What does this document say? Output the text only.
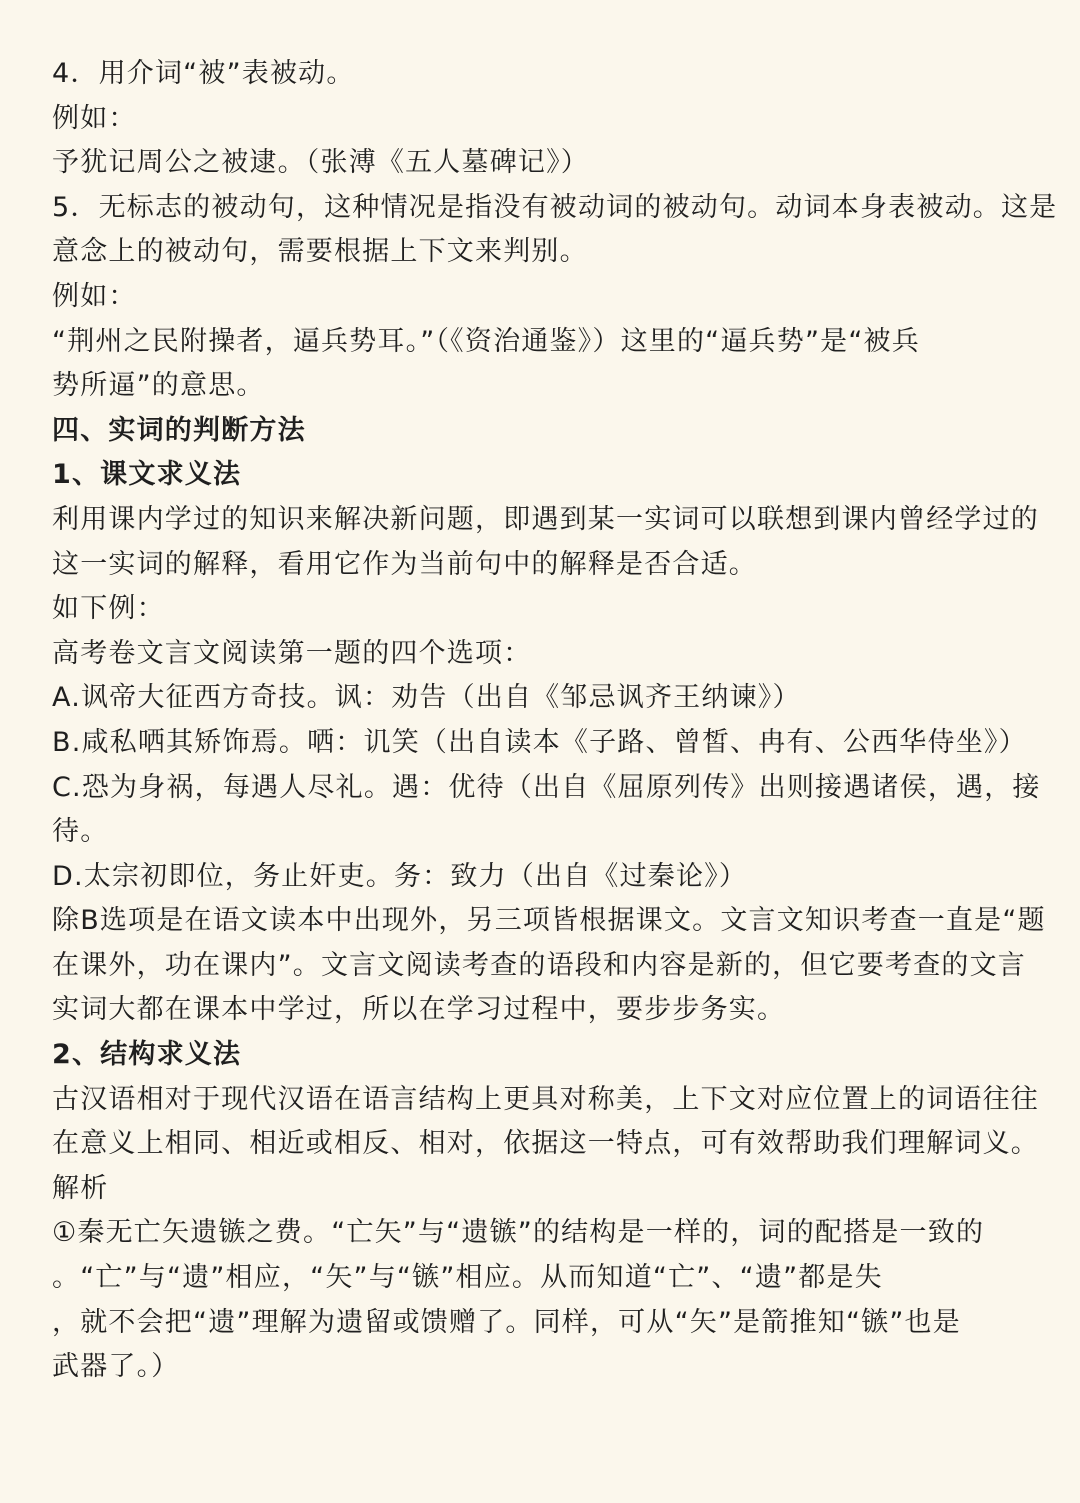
4．用介词“被”表被动。
例如：
予犹记周公之被逮。（张溥《五人墓碑记》）
5．无标志的被动句，这种情况是指没有被动词的被动句。动词本身表被动。这是
意念上的被动句，需要根据上下文来判别。
例如：
“荆州之民附操者，逼兵势耳。”（《资治通鉴》）这里的“逼兵势”是“被兵
势所逼”的意思。
四、实词的判断方法
1、课文求义法
利用课内学过的知识来解决新问题，即遇到某一实词可以联想到课内曾经学过的
这一实词的解释，看用它作为当前句中的解释是否合适。
如下例：
高考卷文言文阅读第一题的四个选项：
A.讽帝大征西方奇技。讽：劝告（出自《邹忌讽齐王纳谏》）
B.咸私哂其矫饰焉。哂：讥笑（出自读本《子路、曾皙、冉有、公西华侍坐》）
C.恐为身祸，每遇人尽礼。遇：优待（出自《屈原列传》出则接遇诸侯，遇，接
待。
D.太宗初即位，务止奸吏。务：致力（出自《过秦论》）
除B选项是在语文读本中出现外，另三项皆根据课文。文言文知识考查一直是“题
在课外，功在课内”。文言文阅读考查的语段和内容是新的，但它要考查的文言
实词大都在课本中学过，所以在学习过程中，要步步务实。
2、结构求义法
古汉语相对于现代汉语在语言结构上更具对称美，上下文对应位置上的词语往往
在意义上相同、相近或相反、相对，依据这一特点，可有效帮助我们理解词义。
解析
①秦无亡矢遗镞之费。“亡矢”与“遗镞”的结构是一样的，词的配搭是一致的
。“亡”与“遗”相应，“矢”与“镞”相应。从而知道“亡”、“遗”都是失
，就不会把“遗”理解为遗留或馈赠了。同样，可从“矢”是箭推知“镞”也是
武器了。）
